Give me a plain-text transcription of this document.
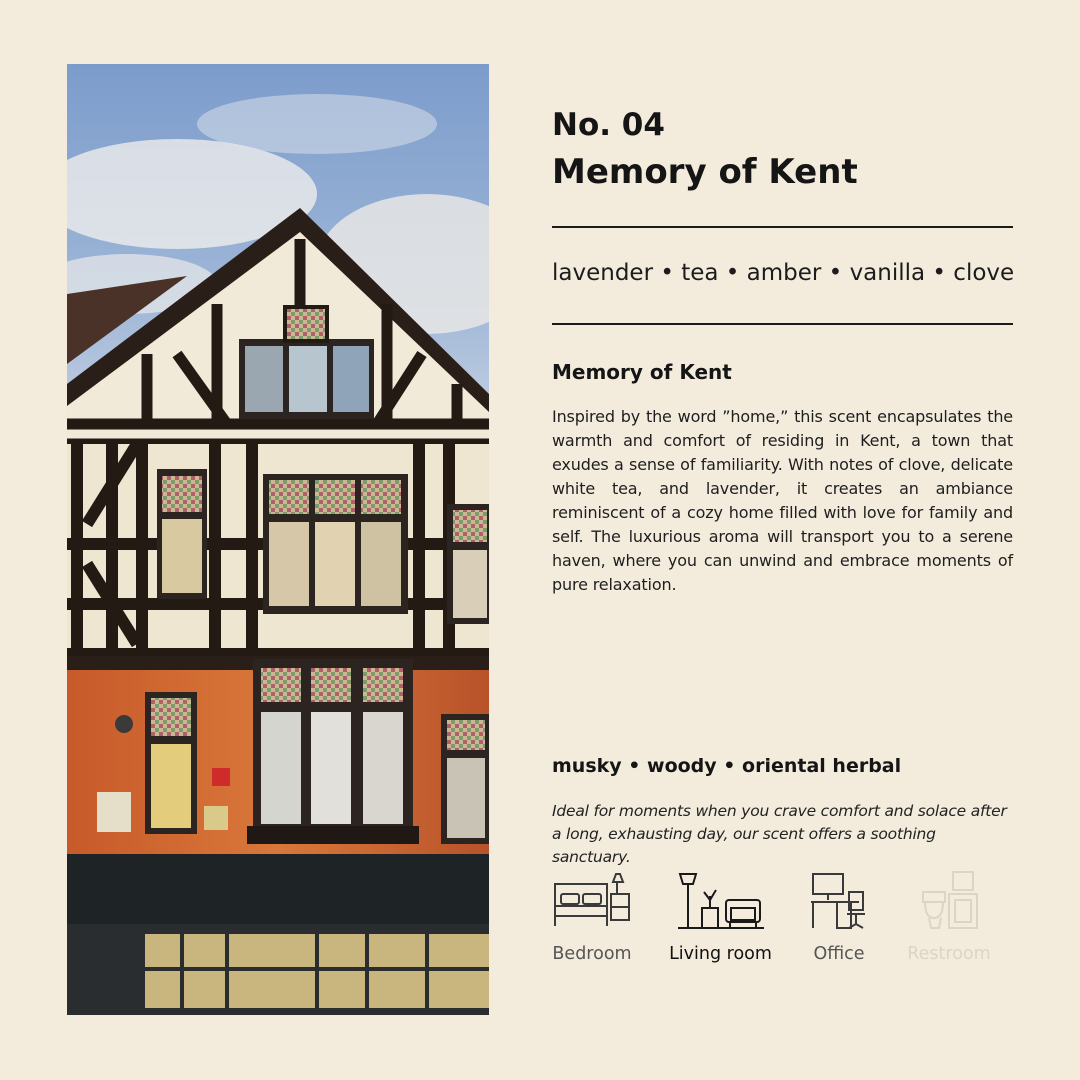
No. 04
Memory of Kent
lavender • tea • amber • vanilla • clove
Memory of Kent
Inspired by the word ”home,” this scent encapsulates the warmth and comfort of residing in Kent, a town that exudes a sense of familiarity. With notes of clove, delicate white tea, and lavender, it creates an ambiance reminiscent of a cozy home filled with love for family and self. The luxurious aroma will transport you to a serene haven, where you can unwind and embrace moments of pure relaxation.
musky • woody • oriental herbal
Ideal for moments when you crave comfort and solace after a long, exhausting day, our scent offers a soothing sanctuary.
Bedroom Living room	Office	Restroom
